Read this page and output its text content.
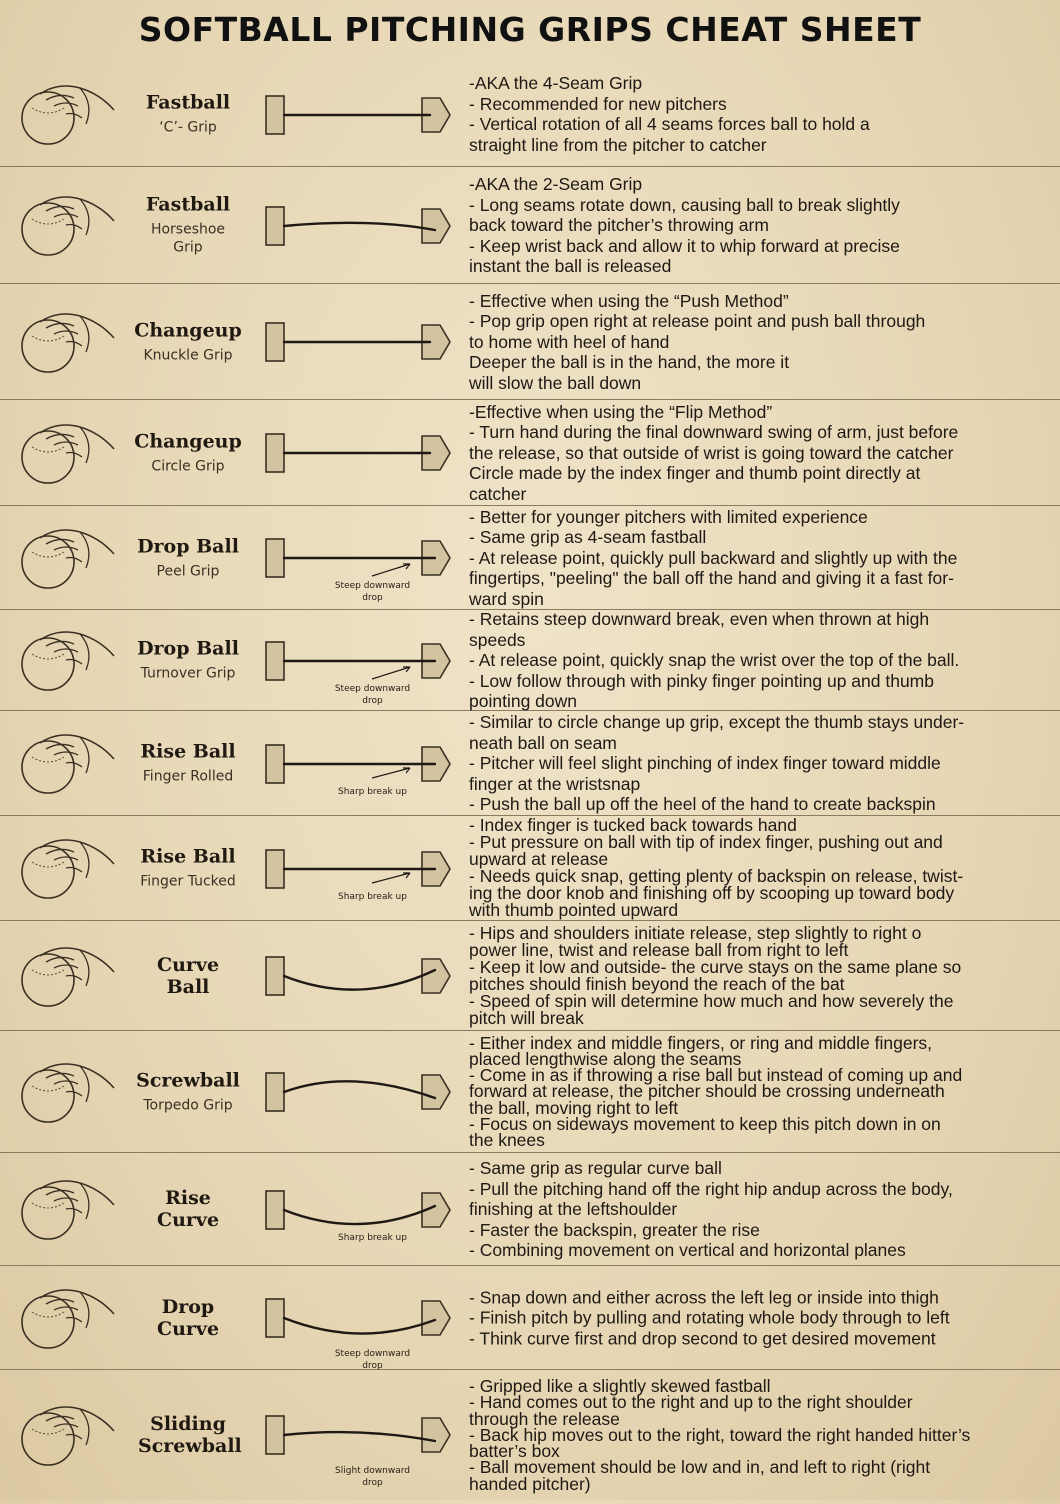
SOFTBALL PITCHING GRIPS CHEAT SHEET
Fastball
‘C’- Grip
-AKA the 4-Seam Grip
- Recommended for new pitchers
- Vertical rotation of all 4 seams forces ball to hold a
straight line from the pitcher to catcher
Fastball
Horseshoe Grip
-AKA the 2-Seam Grip
- Long seams rotate down, causing ball to break slightly
back toward the pitcher’s throwing arm
- Keep wrist back and allow it to whip forward at precise
instant the ball is released
Changeup
Knuckle Grip
- Effective when using the “Push Method”
- Pop grip open right at release point and push ball through
to home with heel of hand
Deeper the ball is in the hand, the more it
will slow the ball down
Changeup
Circle Grip
-Effective when using the “Flip Method”
- Turn hand during the final downward swing of arm, just before
the release, so that outside of wrist is going toward the catcher
Circle made by the index finger and thumb point directly at
catcher
Drop Ball
Peel Grip
Steep downward drop
- Better for younger pitchers with limited experience
- Same grip as 4-seam fastball
- At release point, quickly pull backward and slightly up with the
fingertips, "peeling" the ball off the hand and giving it a fast for-
ward spin
Drop Ball
Turnover Grip
Steep downward drop
- Retains steep downward break, even when thrown at high
speeds
- At release point, quickly snap the wrist over the top of the ball.
- Low follow through with pinky finger pointing up and thumb
pointing down
Rise Ball
Finger Rolled
Sharp break up
- Similar to circle change up grip, except the thumb stays under-
neath ball on seam
- Pitcher will feel slight pinching of index finger toward middle
finger at the wristsnap
- Push the ball up off the heel of the hand to create backspin
Rise Ball
Finger Tucked
Sharp break up
- Index finger is tucked back towards hand
- Put pressure on ball with tip of index finger, pushing out and
upward at release
- Needs quick snap, getting plenty of backspin on release, twist-
ing the door knob and finishing off by scooping up toward body
with thumb pointed upward
Curve Ball
- Hips and shoulders initiate release, step slightly to right o
power line, twist and release ball from right to left
- Keep it low and outside- the curve stays on the same plane so
pitches should finish beyond the reach of the bat
- Speed of spin will determine how much and how severely the
pitch will break
Screwball
Torpedo Grip
- Either index and middle fingers, or ring and middle fingers,
placed lengthwise along the seams
- Come in as if throwing a rise ball but instead of coming up and
forward at release, the pitcher should be crossing underneath
the ball, moving right to left
- Focus on sideways movement to keep this pitch down in on
the knees
Rise Curve
Sharp break up
- Same grip as regular curve ball
- Pull the pitching hand off the right hip andup across the body,
finishing at the leftshoulder
- Faster the backspin, greater the rise
- Combining movement on vertical and horizontal planes
Drop Curve
Steep downward drop
- Snap down and either across the left leg or inside into thigh
- Finish pitch by pulling and rotating whole body through to left
- Think curve first and drop second to get desired movement
Sliding Screwball
Slight downward drop
- Gripped like a slightly skewed fastball
- Hand comes out to the right and up to the right shoulder
through the release
- Back hip moves out to the right, toward the right handed hitter’s
batter’s box
- Ball movement should be low and in, and left to right (right
handed pitcher)
